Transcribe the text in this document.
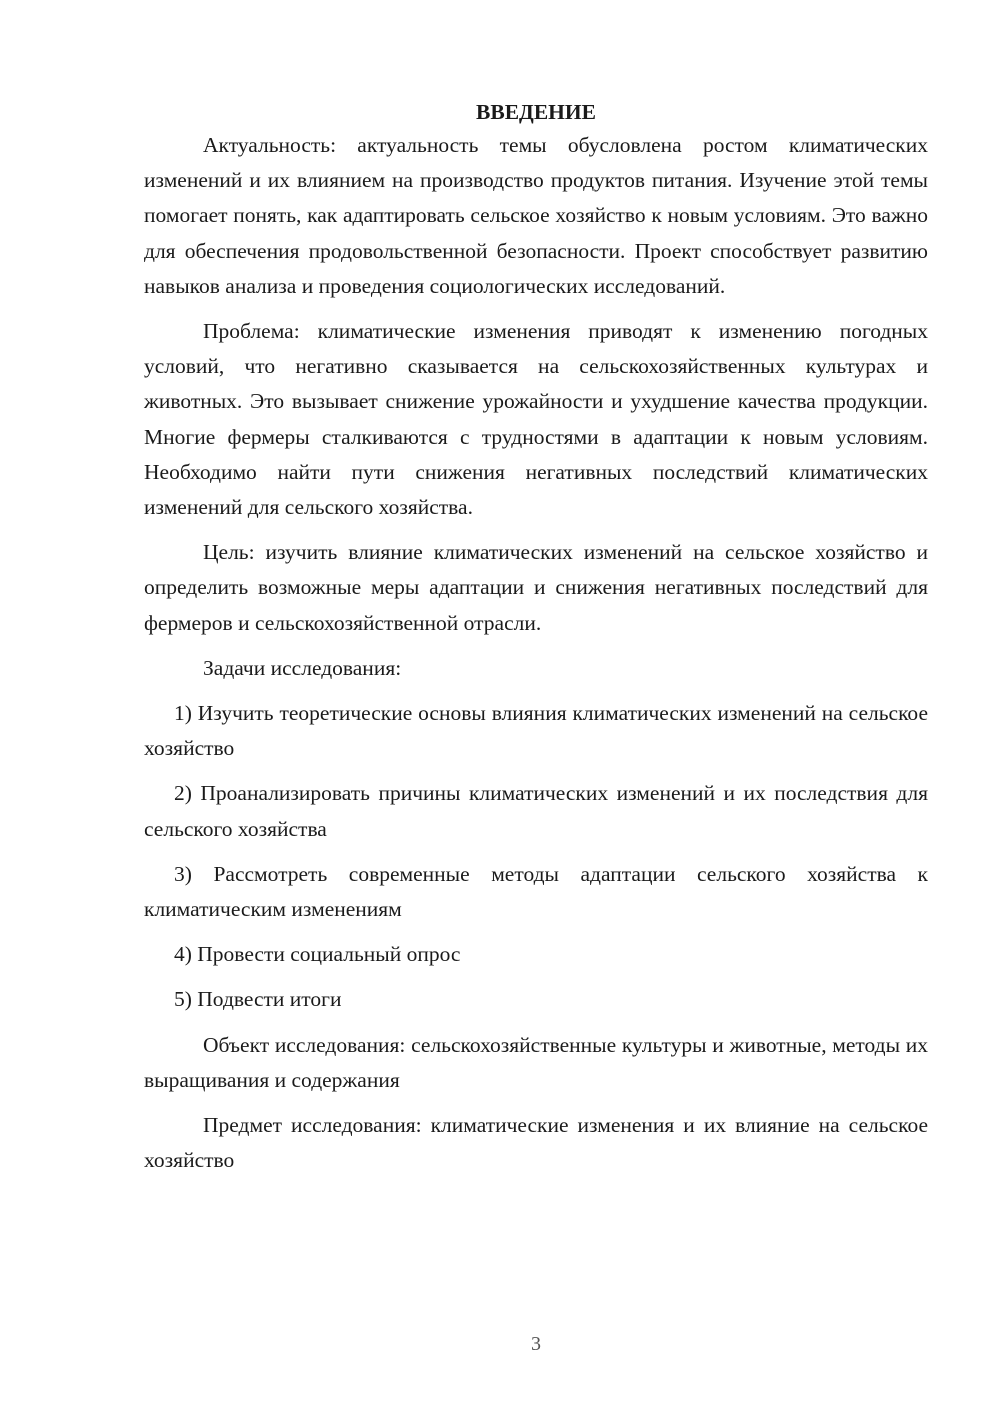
ВВЕДЕНИЕ

Актуальность: актуальность темы обусловлена ростом климатических изменений и их влиянием на производство продуктов питания. Изучение этой темы помогает понять, как адаптировать сельское хозяйство к новым условиям. Это важно для обеспечения продовольственной безопасности. Проект способствует развитию навыков анализа и проведения социологических исследований.

Проблема: климатические изменения приводят к изменению погодных условий, что негативно сказывается на сельскохозяйственных культурах и животных. Это вызывает снижение урожайности и ухудшение качества продукции. Многие фермеры сталкиваются с трудностями в адаптации к новым условиям. Необходимо найти пути снижения негативных последствий климатических изменений для сельского хозяйства.

Цель: изучить влияние климатических изменений на сельское хозяйство и определить возможные меры адаптации и снижения негативных последствий для фермеров и сельскохозяйственной отрасли.

Задачи исследования:

1) Изучить теоретические основы влияния климатических изменений на сельское хозяйство

2) Проанализировать причины климатических изменений и их последствия для сельского хозяйства

3) Рассмотреть современные методы адаптации сельского хозяйства к климатическим изменениям

4) Провести социальный опрос

5) Подвести итоги

Объект исследования: сельскохозяйственные культуры и животные, методы их выращивания и содержания

Предмет исследования: климатические изменения и их влияние на сельское хозяйство

3
